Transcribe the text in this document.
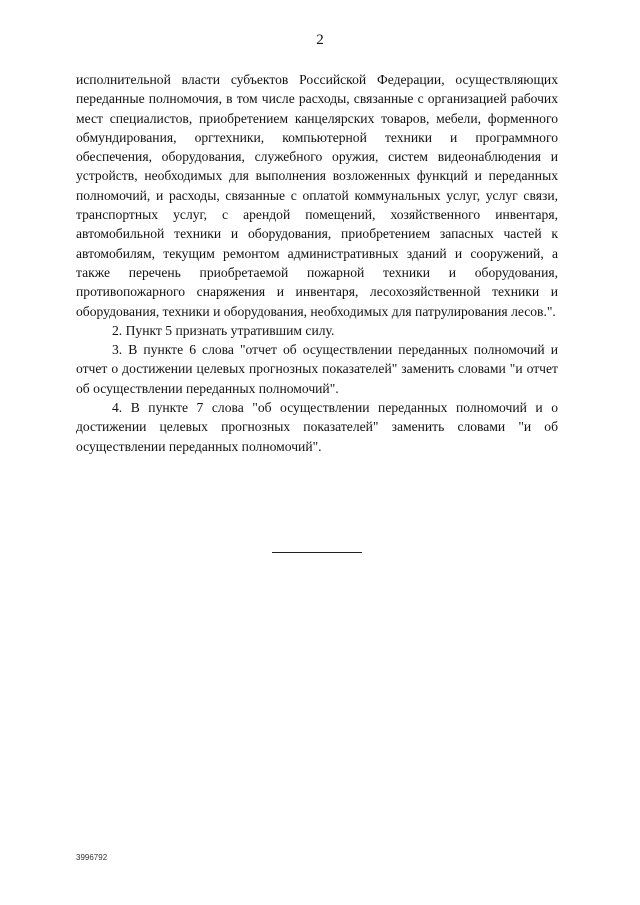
2

исполнительной власти субъектов Российской Федерации, осуществляющих переданные полномочия, в том числе расходы, связанные с организацией рабочих мест специалистов, приобретением канцелярских товаров, мебели, форменного обмундирования, оргтехники, компьютерной техники и программного обеспечения, оборудования, служебного оружия, систем видеонаблюдения и устройств, необходимых для выполнения возложенных функций и переданных полномочий, и расходы, связанные с оплатой коммунальных услуг, услуг связи, транспортных услуг, с арендой помещений, хозяйственного инвентаря, автомобильной техники и оборудования, приобретением запасных частей к автомобилям, текущим ремонтом административных зданий и сооружений, а также перечень приобретаемой пожарной техники и оборудования, противопожарного снаряжения и инвентаря, лесохозяйственной техники и оборудования, техники и оборудования, необходимых для патрулирования лесов.".

2. Пункт 5 признать утратившим силу.

3. В пункте 6 слова "отчет об осуществлении переданных полномочий и отчет о достижении целевых прогнозных показателей" заменить словами "и отчет об осуществлении переданных полномочий".

4. В пункте 7 слова "об осуществлении переданных полномочий и о достижении целевых прогнозных показателей" заменить словами "и об осуществлении переданных полномочий".

3996792
